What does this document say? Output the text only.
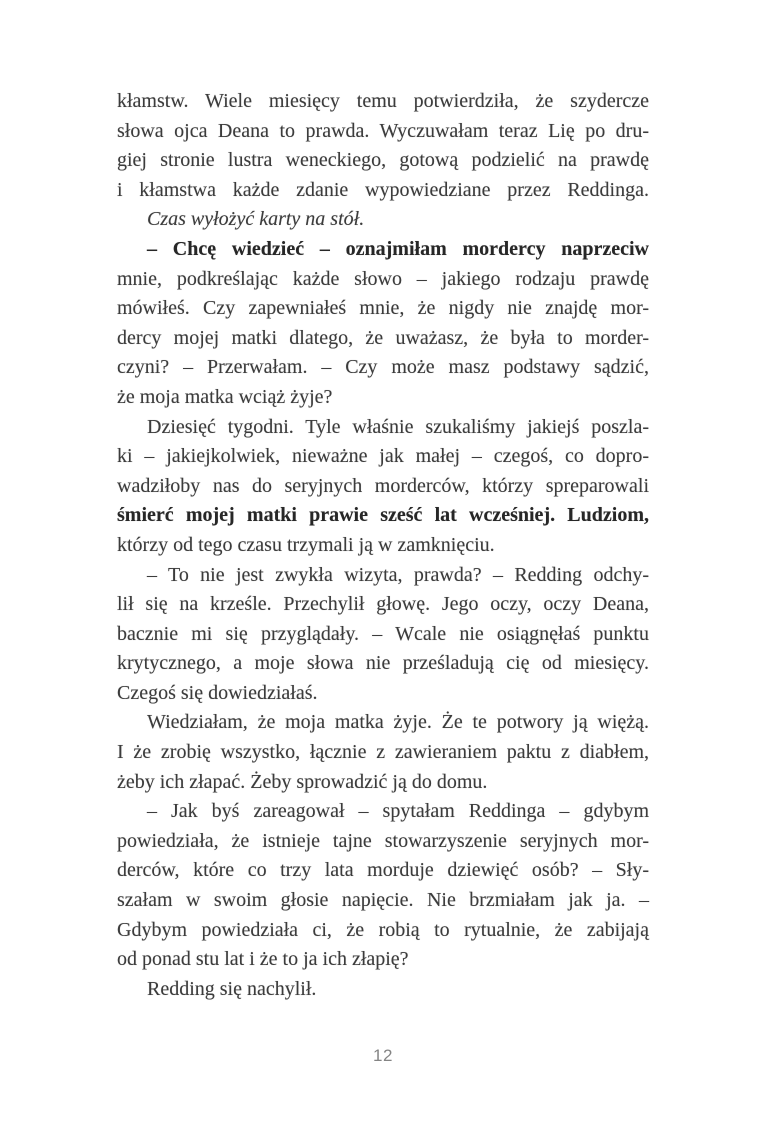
kłamstw. Wiele miesięcy temu potwierdziła, że szydercze
słowa ojca Deana to prawda. Wyczuwałam teraz Lię po dru-
giej stronie lustra weneckiego, gotową podzielić na prawdę
i kłamstwa każde zdanie wypowiedziane przez Reddinga.
Czas wyłożyć karty na stół.
– Chcę wiedzieć – oznajmiłam mordercy naprzeciw
mnie, podkreślając każde słowo – jakiego rodzaju prawdę
mówiłeś. Czy zapewniałeś mnie, że nigdy nie znajdę mor-
dercy mojej matki dlatego, że uważasz, że była to morder-
czyni? – Przerwałam. – Czy może masz podstawy sądzić,
że moja matka wciąż żyje?
Dziesięć tygodni. Tyle właśnie szukaliśmy jakiejś poszla-
ki – jakiejkolwiek, nieważne jak małej – czegoś, co dopro-
wadziłoby nas do seryjnych morderców, którzy spreparowali
śmierć mojej matki prawie sześć lat wcześniej. Ludziom,
którzy od tego czasu trzymali ją w zamknięciu.
– To nie jest zwykła wizyta, prawda? – Redding odchy-
lił się na krześle. Przechylił głowę. Jego oczy, oczy Deana,
bacznie mi się przyglądały. – Wcale nie osiągnęłaś punktu
krytycznego, a moje słowa nie prześladują cię od miesięcy.
Czegoś się dowiedziałaś.
Wiedziałam, że moja matka żyje. Że te potwory ją więżą.
I że zrobię wszystko, łącznie z zawieraniem paktu z diabłem,
żeby ich złapać. Żeby sprowadzić ją do domu.
– Jak byś zareagował – spytałam Reddinga – gdybym
powiedziała, że istnieje tajne stowarzyszenie seryjnych mor-
derców, które co trzy lata morduje dziewięć osób? – Sły-
szałam w swoim głosie napięcie. Nie brzmiałam jak ja. –
Gdybym powiedziała ci, że robią to rytualnie, że zabijają
od ponad stu lat i że to ja ich złapię?
Redding się nachylił.
12
